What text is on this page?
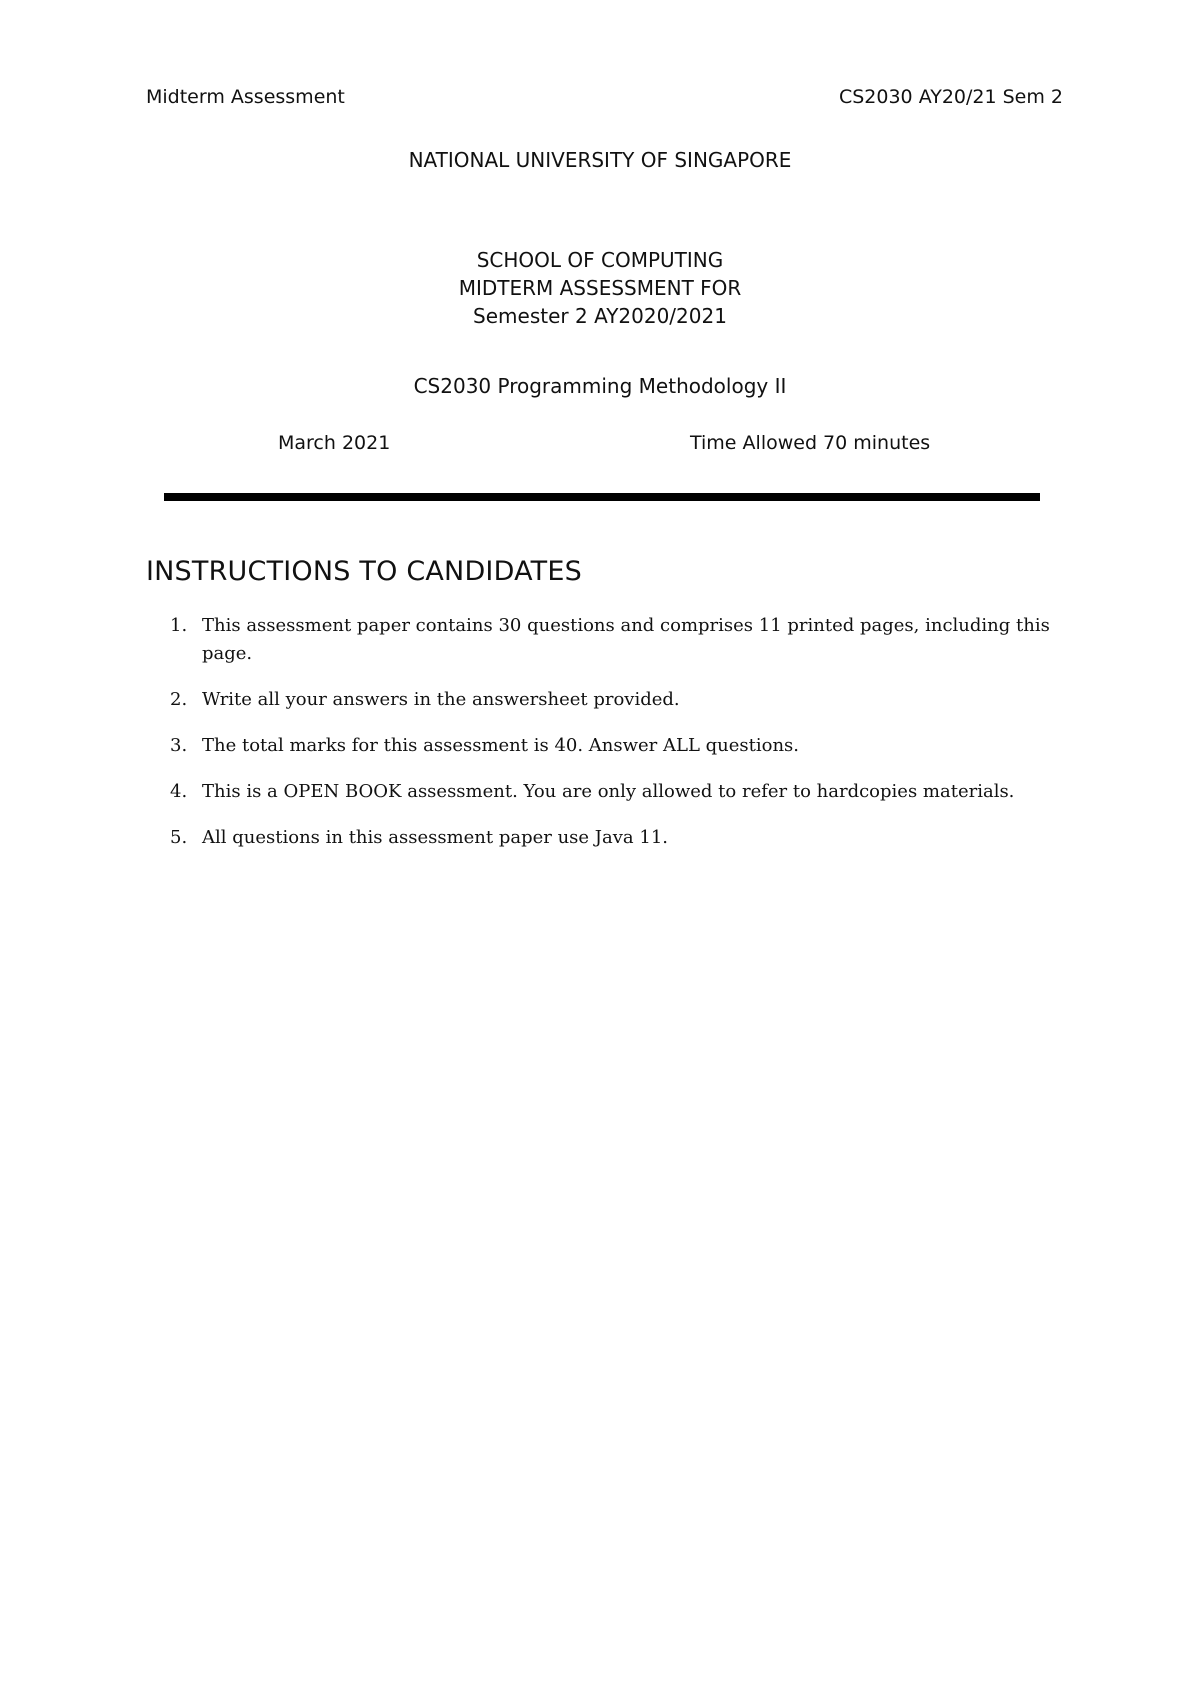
Midterm Assessment	CS2030 AY20/21 Sem 2
NATIONAL UNIVERSITY OF SINGAPORE
SCHOOL OF COMPUTING
MIDTERM ASSESSMENT FOR
Semester 2 AY2020/2021
CS2030 Programming Methodology II
March 2021	Time Allowed 70 minutes
INSTRUCTIONS TO CANDIDATES
1. This assessment paper contains 30 questions and comprises 11 printed pages, including this page.
2. Write all your answers in the answersheet provided.
3. The total marks for this assessment is 40. Answer ALL questions.
4. This is a OPEN BOOK assessment. You are only allowed to refer to hardcopies materials.
5. All questions in this assessment paper use Java 11.
